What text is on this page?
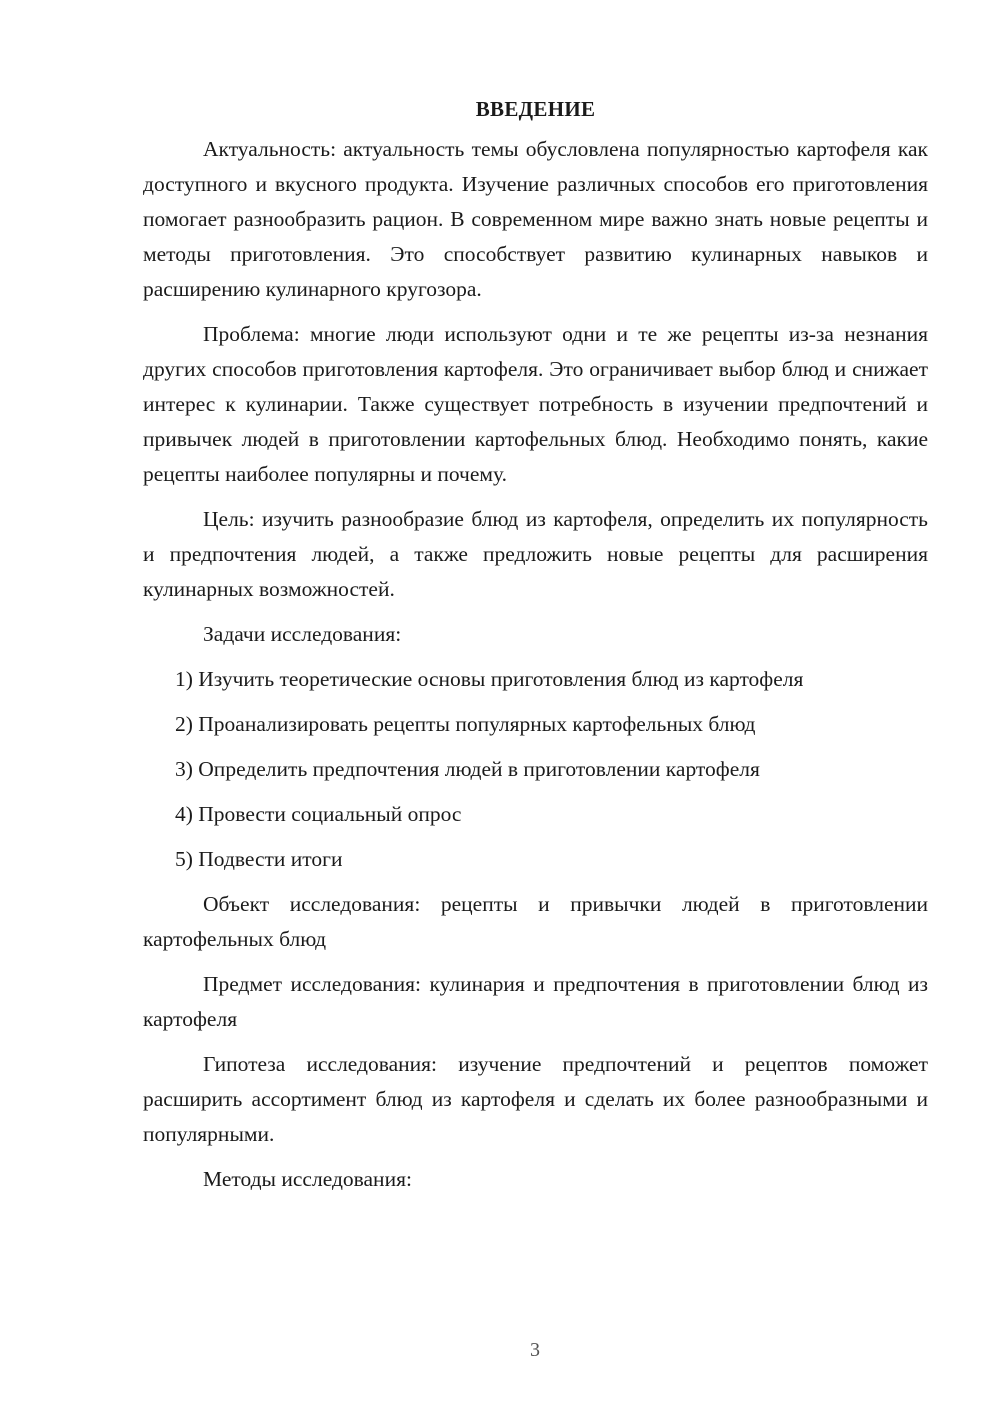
ВВЕДЕНИЕ

Актуальность: актуальность темы обусловлена популярностью картофеля как доступного и вкусного продукта. Изучение различных способов его приготовления помогает разнообразить рацион. В современном мире важно знать новые рецепты и методы приготовления. Это способствует развитию кулинарных навыков и расширению кулинарного кругозора.

Проблема: многие люди используют одни и те же рецепты из-за незнания других способов приготовления картофеля. Это ограничивает выбор блюд и снижает интерес к кулинарии. Также существует потребность в изучении предпочтений и привычек людей в приготовлении картофельных блюд. Необходимо понять, какие рецепты наиболее популярны и почему.

Цель: изучить разнообразие блюд из картофеля, определить их популярность и предпочтения людей, а также предложить новые рецепты для расширения кулинарных возможностей.

Задачи исследования:

1) Изучить теоретические основы приготовления блюд из картофеля
2) Проанализировать рецепты популярных картофельных блюд
3) Определить предпочтения людей в приготовлении картофеля
4) Провести социальный опрос
5) Подвести итоги

Объект исследования: рецепты и привычки людей в приготовлении картофельных блюд

Предмет исследования: кулинария и предпочтения в приготовлении блюд из картофеля

Гипотеза исследования: изучение предпочтений и рецептов поможет расширить ассортимент блюд из картофеля и сделать их более разнообразными и популярными.

Методы исследования:

3
